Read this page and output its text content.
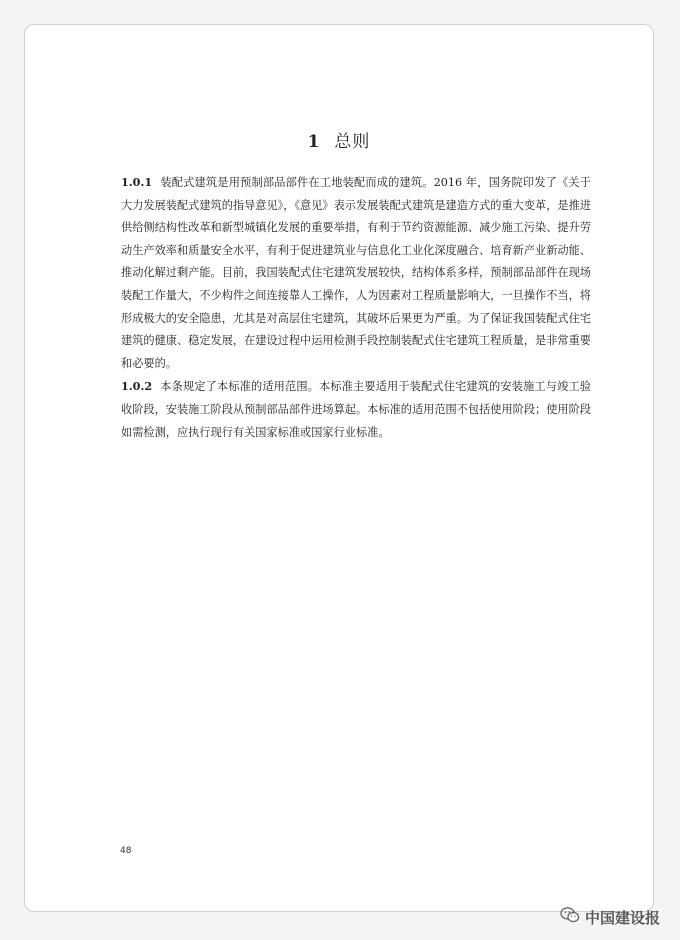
1 总则

1.0.1 装配式建筑是用预制部品部件在工地装配而成的建筑。2016 年，国务院印发了《关于大力发展装配式建筑的指导意见》，《意见》表示发展装配式建筑是建造方式的重大变革，是推进供给侧结构性改革和新型城镇化发展的重要举措，有利于节约资源能源、减少施工污染、提升劳动生产效率和质量安全水平，有利于促进建筑业与信息化工业化深度融合、培育新产业新动能、推动化解过剩产能。目前，我国装配式住宅建筑发展较快，结构体系多样，预制部品部件在现场装配工作量大，不少构件之间连接靠人工操作，人为因素对工程质量影响大，一旦操作不当，将形成极大的安全隐患，尤其是对高层住宅建筑，其破坏后果更为严重。为了保证我国装配式住宅建筑的健康、稳定发展，在建设过程中运用检测手段控制装配式住宅建筑工程质量，是非常重要和必要的。

1.0.2 本条规定了本标准的适用范围。本标准主要适用于装配式住宅建筑的安装施工与竣工验收阶段，安装施工阶段从预制部品部件进场算起。本标准的适用范围不包括使用阶段；使用阶段如需检测，应执行现行有关国家标准或国家行业标准。

48
中国建设报
